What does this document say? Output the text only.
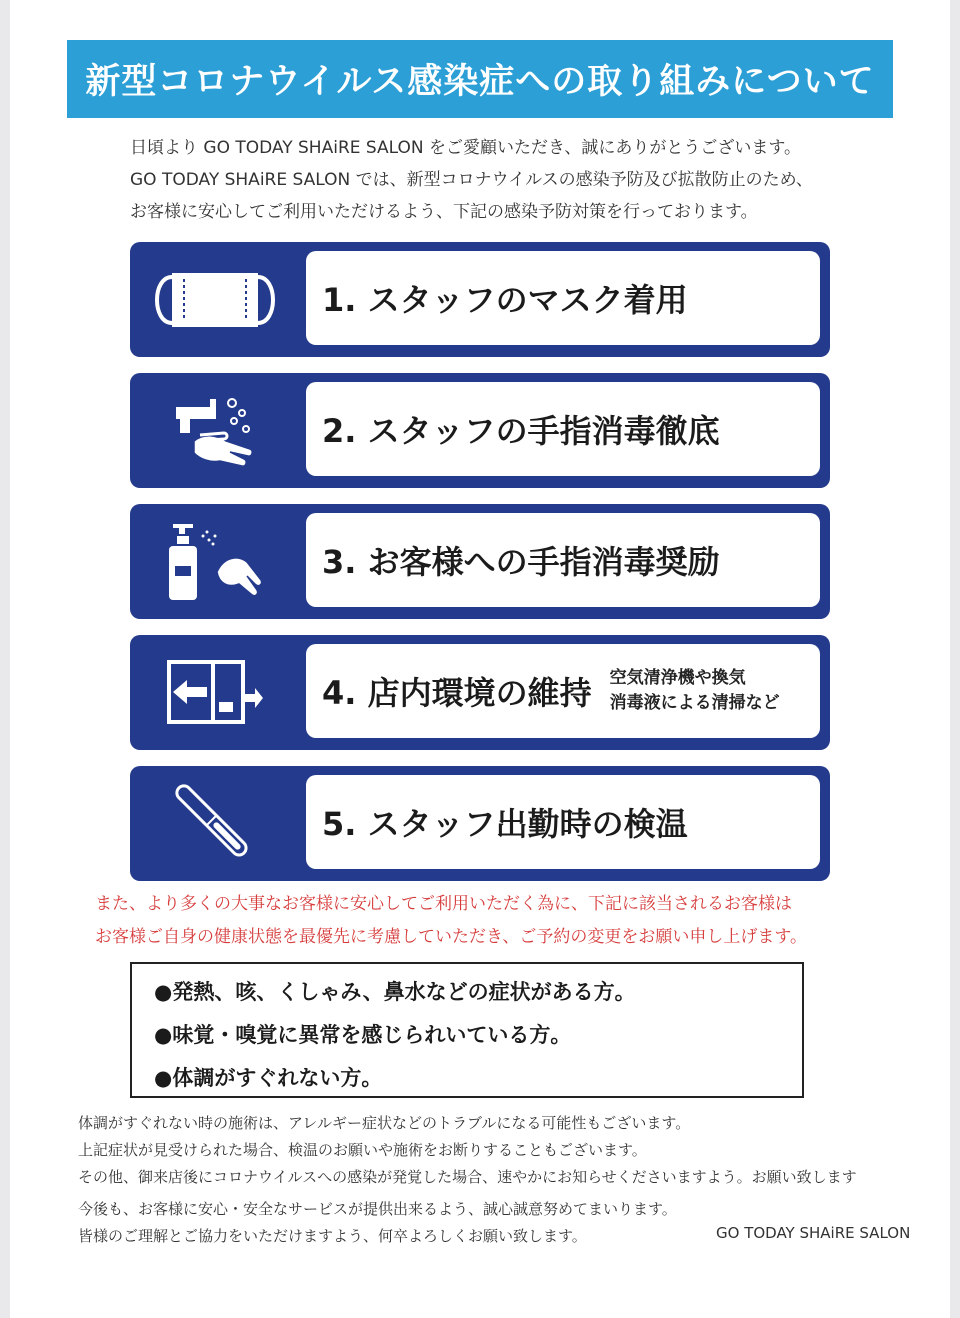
新型コロナウイルス感染症への取り組みについて
日頃より GO TODAY SHAiRE SALON をご愛顧いただき、誠にありがとうございます。
GO TODAY SHAiRE SALON では、新型コロナウイルスの感染予防及び拡散防止のため、
お客様に安心してご利用いただけるよう、下記の感染予防対策を行っております。
1. スタッフのマスク着用
2. スタッフの手指消毒徹底
3. お客様への手指消毒奨励
4. 店内環境の維持 空気清浄機や換気
消毒液による清掃など
5. スタッフ出勤時の検温
また、より多くの大事なお客様に安心してご利用いただく為に、下記に該当されるお客様は
お客様ご自身の健康状態を最優先に考慮していただき、ご予約の変更をお願い申し上げます。
●発熱、咳、くしゃみ、鼻水などの症状がある方。
●味覚・嗅覚に異常を感じられいている方。
●体調がすぐれない方。
体調がすぐれない時の施術は、アレルギー症状などのトラブルになる可能性もございます。
上記症状が見受けられた場合、検温のお願いや施術をお断りすることもございます。
その他、御来店後にコロナウイルスへの感染が発覚した場合、速やかにお知らせくださいますよう。お願い致します
今後も、お客様に安心・安全なサービスが提供出来るよう、誠心誠意努めてまいります。
皆様のご理解とご協力をいただけますよう、何卒よろしくお願い致します。	GO TODAY SHAiRE SALON
